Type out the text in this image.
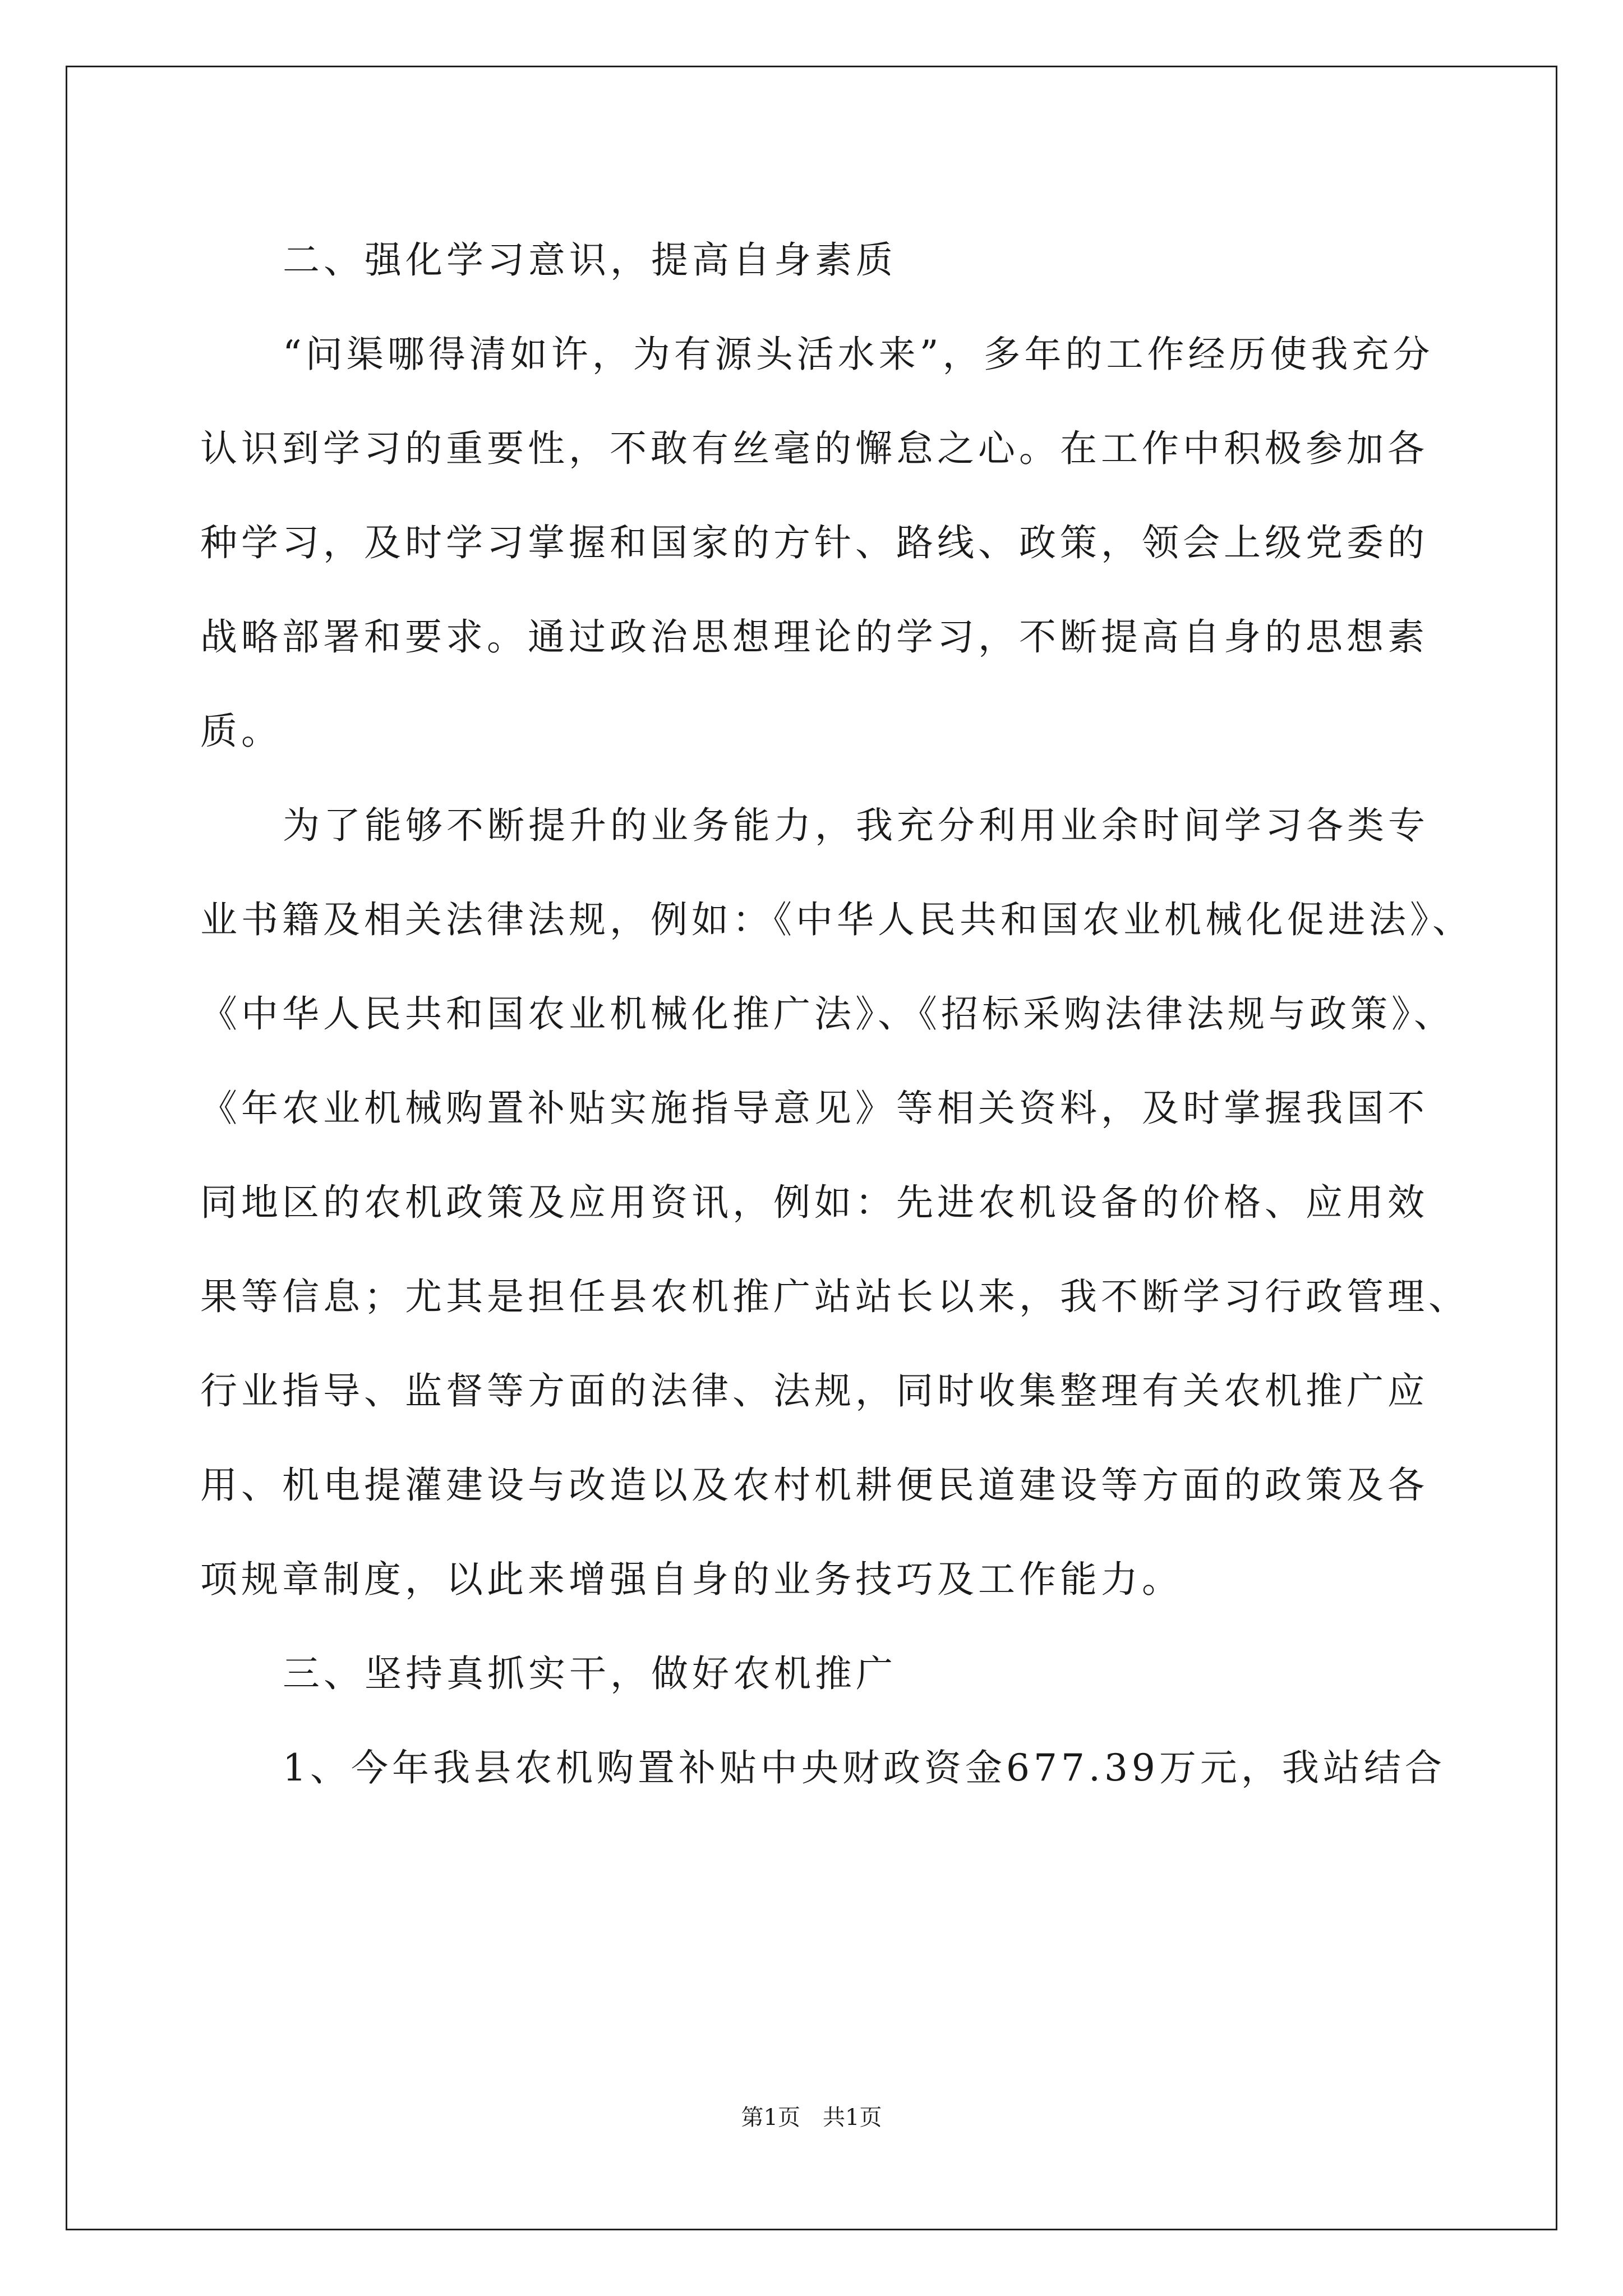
二、强化学习意识，提高自身素质
“问渠哪得清如许，为有源头活水来”，多年的工作经历使我充分
认识到学习的重要性，不敢有丝毫的懈怠之心。在工作中积极参加各
种学习，及时学习掌握和国家的方针、路线、政策，领会上级党委的
战略部署和要求。通过政治思想理论的学习，不断提高自身的思想素
质。
为了能够不断提升的业务能力，我充分利用业余时间学习各类专
业书籍及相关法律法规，例如：《中华人民共和国农业机械化促进法》、
《中华人民共和国农业机械化推广法》、《招标采购法律法规与政策》、
《年农业机械购置补贴实施指导意见》等相关资料，及时掌握我国不
同地区的农机政策及应用资讯，例如：先进农机设备的价格、应用效
果等信息；尤其是担任县农机推广站站长以来，我不断学习行政管理、
行业指导、监督等方面的法律、法规，同时收集整理有关农机推广应
用、机电提灌建设与改造以及农村机耕便民道建设等方面的政策及各
项规章制度，以此来增强自身的业务技巧及工作能力。
三、坚持真抓实干，做好农机推广
1、今年我县农机购置补贴中央财政资金677.39万元，我站结合
第1页　共1页
